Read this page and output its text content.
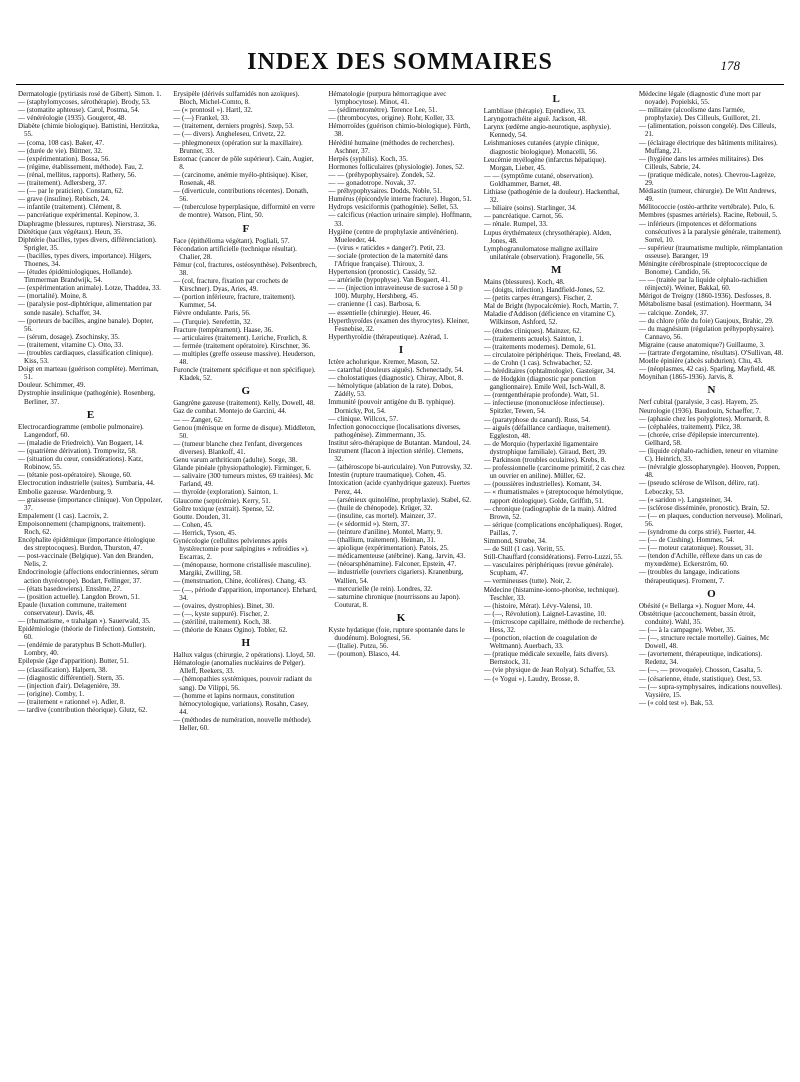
INDEX DES SOMMAIRES	178
Dermatologie (pytiriasis rosé de Gibert). Simon. 1.
— (staphylomycoses, sérothérapie). Brody, 53.
— (stomatite aphteuse). Carol, Postma, 54.
— vénéréologie (1935). Gougerot, 48.
Diabète (chimie biologique). Battistini, Herzitzka, 55.
— (coma, 108 cas). Baker, 47.
— (durée de vie). Büttner, 32.
— (expérimentation). Bossa, 56.
— (régime, établissement, méthode). Fau, 2.
— (rénal, mellitus, rapports). Rathery, 56.
— (traitement). Adlersberg, 37.
— (— par le praticien). Constam, 62.
— grave (insuline). Rebisch, 24.
— infantile (traitement). Clément, 8.
— pancréatique expérimental. Kepinow, 3.
Diaphragme (blessures, ruptures). Nierstrasz, 36.
Diététique (aux végétaux). Heun, 35.
Diphtérie (bacilles, types divers, différenciation). Sprigler, 35.
— (bacilles, types divers, importance). Hilgers, Thoenes, 34.
— (études épidémiologiques, Hollande). Timmerman Brandwijk, 54.
— (expérimentation animale). Lotze, Thaddea, 33.
— (mortalité). Moine, 8.
— (paralysie post-diphtérique, alimentation par sonde nasale). Schaffer, 34.
— (porteurs de bacilles, angine banale). Dopter, 56.
— (sérum, dosage). Zsochinsky, 35.
— (traitement, vitamine C). Otto, 33.
— (troubles cardiaques, classification clinique). Kiss, 53.
Doigt en marteau (guérison complète). Merriman, 51.
Douleur. Schimmer, 49.
Dystrophie insulinique (pathogénie). Rosenberg, Berliner, 37.
E
Electrocardiogramme (embolie pulmonaire). Langendorf, 60.
— (maladie de Friedreich). Van Bogaert, 14.
— (quatrième dérivation). Trompwitz, 58.
— (situation du cœur, considérations). Katz, Robinow, 55.
— (tétanie post-opératoire). Skouge, 60.
Electrocution industrielle (suites). Sumbaria, 44.
Embolie gazeuse. Wardenburg, 9.
— graisseuse (importance clinique). Von Oppolzer, 37.
Empalement (1 cas). Lacroix, 2.
Empoisonnement (champignons, traitement). Roch, 62.
Encéphalite épidémique (importance étiologique des streptocoques). Burdon, Thurston, 47.
— post-vaccinale (Belgique). Van den Branden, Nelis, 2.
Endocrinologie (affections endocriniennes, sérum action thyréotrope). Bodart, Fellinger, 37.
— (états basedowiens). Ensslme, 27.
— (position actuelle). Langdon Brown, 51.
Epaule (luxation commune, traitement conservateur). Davis, 48.
— (rhumatisme, « trahalgan »). Sauerwald, 35.
Epidémiologie (théorie de l'infection). Gottstein, 60.
— (endémie de paratyphus B Schott-Muller). Lombry, 40.
Epilepsie (âge d'apparition). Butter, 51.
— (classification). Halpern, 38.
— (diagnostic différentiel). Stern, 35.
— (injection d'air). Delagenière, 39.
— (origine). Comby, 1.
— (traitement « rationnel »). Adler, 8.
— tardive (contribution théorique). Glutz, 62.
Erysipèle (dérivés sulfamidés non azoïques). Bloch, Michel-Comto, 8.
— (« prontosil »). Hartl, 32.
— (—) Frankel, 33.
— (traitement, derniers progrès). Szep, 53.
— (— divers). Angheleseu, Crivetz, 22.
— phlegmoneux (opération sur la maxillaire). Brunner, 33.
Estomac (cancer de pôle supérieur). Cain, Augier, 8.
— (carcinome, anémie myélo-phtisique). Kiser, Rosenak, 48.
— (diverticule, contributions récentes). Donath, 56.
— (tuberculose hyperplasique, difformité en verre de montre). Watson, Flint, 50.
F
Face (épithélioma végétant). Pogliali, 57.
Fécondation artificielle (technique résultat). Chalier, 28.
Fémur (col, fractures, ostéosynthèse). Pelsenbrech, 38.
— (col, fracture, fixation par crochets de Kirschner). Dyas, Aries, 49.
— (portion inférieure, fracture, traitement). Kummer, 54.
Fièvre ondulante. Paris, 56.
— (Turquie). Serefettin, 32.
Fracture (tempérament). Haase, 36.
— articulaires (traitement). Leriche, Frœlich, 8.
— fermée (traitement opératoire). Kirschner, 36.
— multiples (greffe osseuse massive). Heuderson, 48.
Furoncle (traitement spécifique et non spécifique). Kladek, 52.
G
Gangrène gazeuse (traitement). Kelly, Dowell, 48.
Gaz de combat. Montejo de Garcini, 44.
— — Zanger, 62.
Genou (ménisque en forme de disque). Middleton, 50.
— (tumeur blanche chez l'enfant, divergences diverses). Blankoff, 41.
Genu varum arthriticum (adulte). Sorge, 38.
Glande pinéale (physiopathologie). Firminger, 6.
— salivaire (300 tumeurs mixtes, 69 traitées). Mc Farland, 49.
— thyroïde (exploration). Sainton, 1.
Glaucome (septicémie). Kerry, 51.
Goître toxique (extrait). Spense, 52.
Goutte. Douden, 31.
— Cohen, 45.
— Herrick, Tyson, 45.
Gynécologie (cellulites pelviennes après hystérectomie pour salpingites « refroidies »). Escarras, 2.
— (ménopause, hormone cristallisée masculine). Margiki, Zwilling, 58.
— (menstruation, Chine, écolières). Chang, 43.
— (—, période d'apparition, importance). Ehrhard, 34.
— (ovaires, dystrophies). Binet, 30.
— (—, kyste suppuré). Fischer, 2.
— (stérilité, traitement). Koch, 38.
— (théorie de Knaus Ogino). Tobler, 62.
H
Hallux valgus (chirurgie, 2 opérations). Lloyd, 50.
Hématologie (anomalies nucléaires de Pelger). Alleff, Reekers, 33.
— (hémopathies systémiques, pouvoir radiant du sang). De Vilippi, 56.
— (homme et lapins normaux, constitution hémocytologique, variations). Rosahn, Casey, 44.
— (méthodes de numération, nouvelle méthode). Heller, 60.
Hématologie (purpura hémorragique avec lymphocytose). Minot, 41.
— (sédimentomètre). Terence Lee, 51.
— (thrombocytes, origine). Rohr, Koller, 33.
Hémorroïdes (guérison chimio-biologique). Fürth, 38.
Hérédité humaine (méthodes de recherches). Aschner, 37.
Herpès (syphilis). Koch, 35.
Hormones folliculaires (physiologie). Jones, 52.
— — (préhypophysaire). Zondek, 52.
— — gonadotrope. Novak, 37.
— préhypophysaires. Dodds, Noble, 51.
Humérus (épicondyle interne fracture). Hugon, 51.
Hydrops vesiciformis (pathogénie). Sellet, 53.
— calcificus (réaction urinaire simple). Hoffmann, 33.
Hygiène (centre de prophylaxie antivénérien). Mueleeder, 44.
— (virus « raticides » danger?). Petit, 23.
— sociale (protection de la maternité dans l'Afrique française). Thiroux, 3.
Hypertension (pronostic). Cassidy, 52.
— artérielle (hypophyse). Van Bogaert, 41.
— — (injection intraveineuse de sucrose à 50 p 100). Murphy, Hershberg, 45.
— cranienne (1 cas). Barbosa, 6.
— essentielle (chirurgie). Heuer, 46.
Hyperthyroïdes (examen des thyrocytes). Kleiner, Fesnebise, 32.
Hyperthyroïdie (thérapeutique). Azérad, 1.
I
Ictère acholurique. Kremer, Mason, 52.
— catarrhal (douleurs aiguës). Schenectady, 54.
— cholostatiques (diagnostic). Chiray, Albot, 8.
— hémolytique (ablation de la rate). Dobos, Zádély, 53.
Immunité (pouvoir antigène du B. typhique). Dornicky, Pot, 54.
— clinique. Willcox, 57.
Infection gonococcique (localisations diverses, pathogénèse). Zimmermann, 35.
Institut séro-thérapique de Butantan. Mandoul, 24.
Instrument (flacon à injection stérile). Clemens, 32.
— (athéroscope bi-auriculaire). Von Putrovsky, 32.
Intestin (rupture traumatique). Cohen, 45.
Intoxication (acide cyanhydrique gazeux). Fuertes Perez, 44.
— (arsénieux quinoléïne, prophylaxie). Stabel, 62.
— (huile de chénopode). Krüger, 32.
— (insuline, cas mortel). Mainzer, 37.
— (« sédormid »). Stern, 37.
— (teinture d'aniline). Montel, Marty, 9.
— (thallium, traitement). Heiman, 31.
— apiolique (expérimentation). Patois, 25.
— médicamenteuse (atébrine). Kang, Jarvin, 43.
— (néoarsphénamine). Falconer, Epstein, 47.
— industrielle (ouvriers cigariers). Kranenburg, Wallien, 54.
— mercurielle (le rein). Londres, 32.
— saturnine chronique (nourrissons au Japon). Couturat, 8.
K
Kyste hydatique (foie, rupture spontanée dans le duodénum). Bolognesi, 56.
— (Italie). Putzu, 56.
— (poumon). Blasco, 44.
L
Lambliase (thérapie). Ependiew, 33.
Laryngotrachéite aiguë. Jackson, 48.
Larynx (œdème angio-neurotique, asphyxie). Kennedy, 54.
Leishmanioses cutanées (atypie clinique, diagnostic biologique). Monacelli, 56.
Leucémie myélogène (infarctus hépatique). Morgan, Lieber, 45.
— — (symptôme cutané, observation). Goldhammer, Barnet, 48.
Lithiase (pathogénie de la douleur). Hackenthal, 32.
— biliaire (soins). Starlinger, 34.
— pancréatique. Carnot, 56.
— rénale. Rumpel, 33.
Lupus érythémateux (chrysothérapie). Alden, Jones, 48.
Lymphogranulomatose maligne axillaire unilatérale (observation). Fragonelle, 56.
M
Mains (blessures). Koch, 48.
— (doigts, infection). Handfield-Jones, 52.
— (petits carpes étrangers). Fischer, 2.
Mal de Bright (hypocalcémie). Roch, Martin, 7.
Maladie d'Addison (déficience en vitamine C). Wilkinson, Ashford, 52.
— (études cliniques). Mainzer, 62.
— (traitements actuels). Sainton, 1.
— (traitements modernes). Demole, 61.
— circulatoire périphérique. Theis, Freeland, 48.
— de Crohn (1 cas). Schwabacher, 52.
— héréditaires (ophtalmologie). Gasteiger, 34.
— de Hodgkin (diagnostic par ponction ganglionnaire). Emile Weil, Isch-Wall, 8.
— (rœntgenthérapie profonde). Watt, 51.
— infectieuse (mononucléose infectieuse). Spitzler, Tewen, 54.
— (paratyphose du canard). Russ, 54.
— aiguës (défaillance cardiaque, traitement). Eggleston, 48.
— de Morquio (hyperlaxité ligamentaire dystrophique familiale). Giraud, Bert, 39.
— Parkinson (troubles oculaires). Krebs, 8.
— professionnelle (carcinome primitif, 2 cas chez un ouvrier en aniline). Müller, 62.
— (poussières industrielles). Komant, 34.
— « rhumatismales » (streptocoque hémolytique, rapport étiologique). Golde, Griffith, 51.
— chronique (radiographie de la main). Aldred Brown, 52.
— sérique (complications encéphaliques). Roger, Paillas, 7.
Simmond, Strœbe, 34.
— de Still (1 cas). Veritt, 55.
Still-Chauffard (considérations). Ferro-Luzzi, 55.
— vasculaires périphériques (revue générale). Scupham, 47.
— vermineuses (tutte). Noir, 2.
Médecine (histamine-ionto-phorèse, technique). Teschler, 33.
— (histoire, Mérat). Lévy-Valensi, 10.
— (—, Révolution). Laignel-Lavastine, 10.
— (microscope capillaire, méthode de recherche). Hess, 32.
— (ponction, réaction de coagulation de Weltmann). Auerbach, 33.
— (pratique médicale sexuelle, faits divers). Bernstock, 31.
— (vie physique de Jean Rolyat). Schaffer, 53.
— (« Yogui »). Laudry, Brosse, 8.
Médecine légale (diagnostic d'une mort par noyade). Popielski, 55.
— militaire (alcoolisme dans l'armée, prophylaxie). Des Cilleuls, Guilloret, 21.
— (alimentation, poisson congelé). Des Cilleuls, 21.
— (éclairage électrique des bâtiments militaires). Muffang, 21.
— (hygiène dans les armées militaires). Des Cilleuls, Sabrie, 24.
— (pratique médicale, notes). Chevrou-Lagrèze, 29.
Médiastin (tumeur, chirurgie). De Witt Andrews, 49.
Mélitococcie (ostéo-arthrite vertébrale). Pulo, 6.
Membres (spasmes artériels). Racine, Rebouil, 5.
— inférieurs (impotences et déformations consécutives à la paralysie générale, traitement). Sorrel, 10.
— supérieur (traumatisme multiple, réimplantation osseuse). Baranger, 19
Méningite cérébrospinale (streptococcique de Bonome). Candido, 56.
— — (traitée par la liquide céphalo-rachidien réinjecté). Weiner, Bakkal, 60.
Mérigot de Treigny (1860-1936). Desfosses, 8.
Métabolisme basal (estimation). Hoermann, 34
— calcique. Zondek, 37.
— du chlore (rôle du foie) Gaujoux, Brahic, 29.
— du magnésium (régulation préhypophysaire). Cannavo, 56.
Migraine (cause anatomique?) Guillaume, 3.
— (tartrate d'ergotamine, résultats). O'Sullivan, 48.
Moelle épinière (abcès subdurien). Chu, 43.
— (néoplasmes, 42 cas). Sparling, Mayfield, 48.
Moynihan (1865-1936). Jarvis, 8.
N
Nerf cubital (paralysie, 3 cas). Hayem, 25.
Neurologie (1936). Baudouin, Schaeffer, 7.
— (aphasie chez les polyglottes). Mornardt, 8.
— (céphalées, traitement). Pilcz, 38.
— (chorée, crise d'épilepsie intercurrente). Gellhard, 58.
— (liquide céphalo-rachidien, teneur en vitamine C). Heinrich, 33.
— (névralgie glossopharyngée). Hooven, Poppen, 48.
— (pseudo sclérose de Wilson, délire, rat). Leboczky, 53.
— (« saridon »). Langsteiner, 34.
— (sclérose disséminée, pronostic). Brain, 52.
— (— en plaques, conduction nerveuse). Molinari, 56.
— (syndrome du corps strié). Fuerter, 44.
— (— de Cushing). Hommes, 54.
— (— moteur catatonique). Rousset, 31.
— (tendon d'Achille, réflexe dans un cas de myxœdème). Eckerström, 60.
— (troubles du langage, indications thérapeutiques). Froment, 7.
O
Obésité (« Bellarga »). Noguer More, 44.
Obstétrique (accouchement, bassin étroit, conduite). Wahl, 35.
— (— à la campagne). Weber, 35.
— (—, structure rectale mortelle). Gaines, Mc Dowell, 48.
— (avortement, thérapeutique, indications). Redenz, 34.
— (—, — provoquée). Chosson, Casalta, 5.
— (césarienne, étude, statistique). Oest, 53.
— (— supra-symphysaires, indications nouvelles). Vaysière, 15.
— (« cold test »). Bak, 53.
